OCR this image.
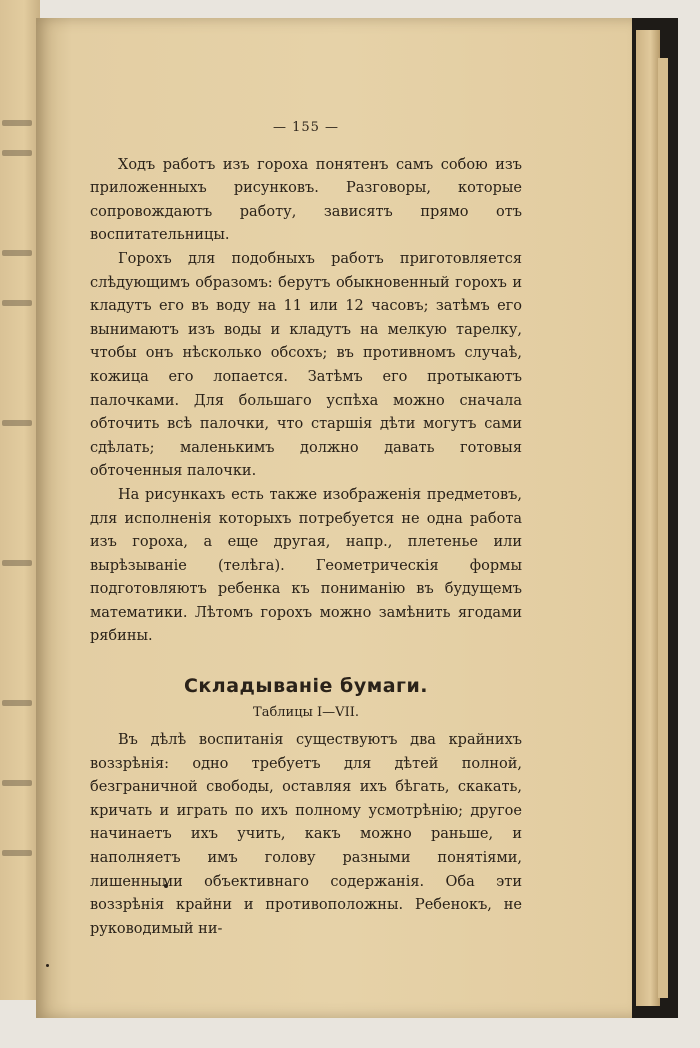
— 155 —

Ходъ работъ изъ гороха понятенъ самъ собою изъ приложенныхъ рисунковъ. Разговоры, которые сопровождаютъ работу, зависятъ прямо отъ воспитательницы.

Горохъ для подобныхъ работъ приготовляется слѣдующимъ образомъ: берутъ обыкновенный горохъ и кладутъ его въ воду на 11 или 12 часовъ; затѣмъ его вынимаютъ изъ воды и кладутъ на мелкую тарелку, чтобы онъ нѣсколько обсохъ; въ противномъ случаѣ, кожица его лопается. Затѣмъ его протыкаютъ палочками. Для большаго успѣха можно сначала обточить всѣ палочки, что старшія дѣти могутъ сами сдѣлать; маленькимъ должно давать готовыя обточенныя палочки.

На рисункахъ есть также изображенія предметовъ, для исполненія которыхъ потребуется не одна работа изъ гороха, а еще другая, напр., плетенье или вырѣзываніе (телѣга). Геометрическія формы подготовляютъ ребенка къ пониманію въ будущемъ математики. Лѣтомъ горохъ можно замѣнить ягодами рябины.

Складываніе бумаги.
Таблицы I—VII.

Въ дѣлѣ воспитанія существуютъ два крайнихъ воззрѣнія: одно требуетъ для дѣтей полной, безграничной свободы, оставляя ихъ бѣгать, скакать, кричать и играть по ихъ полному усмотрѣнію; другое начинаетъ ихъ учить, какъ можно раньше, и наполняетъ имъ голову разными понятіями, лишенными объективнаго содержанія. Оба эти воззрѣнія крайни и противоположны. Ребенокъ, не руководимый ни-
